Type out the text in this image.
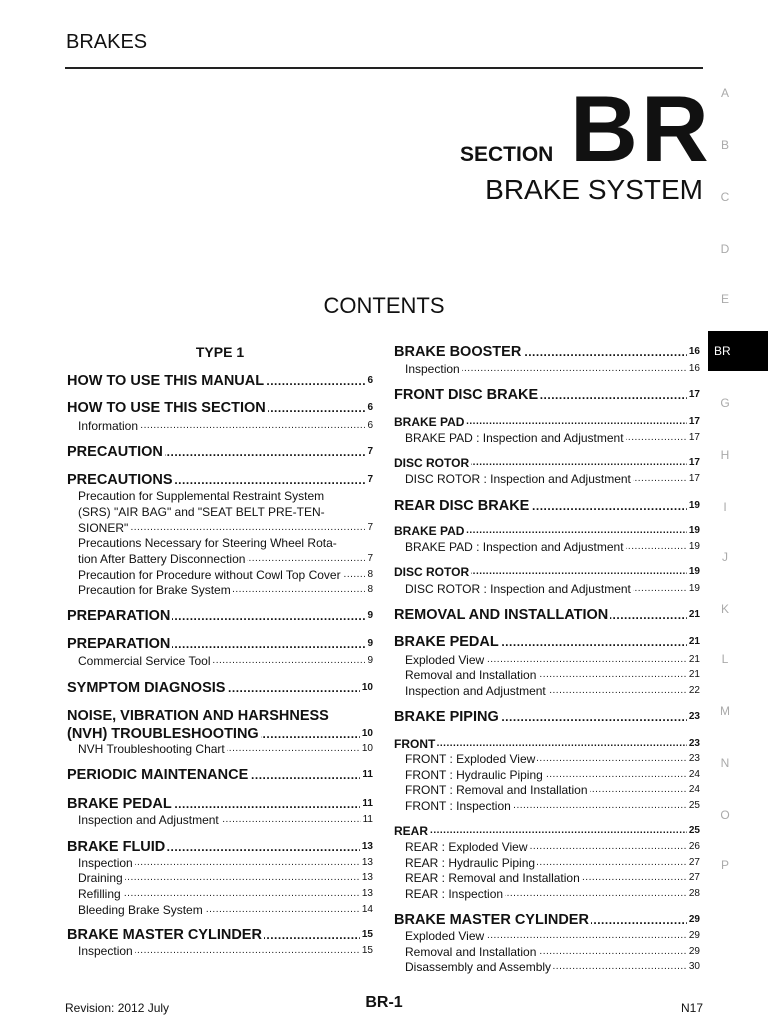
BRAKES
SECTION BR
BRAKE SYSTEM
CONTENTS
A
B
C
D
E
G
H
I
J
K
L
M
N
O
P
BR
TYPE 1
..... HOW TO USE THIS MANUAL	6
..... HOW TO USE THIS SECTION	6
..... Information	6
..... PRECAUTION	7
..... PRECAUTIONS	7
Precaution for Supplemental Restraint System
(SRS) "AIR BAG" and "SEAT BELT PRE-TEN-
..... SIONER"	7
Precautions Necessary for Steering Wheel Rota-
..... tion After Battery Disconnection	7
..... Precaution for Procedure without Cowl Top Cover	8
..... Precaution for Brake System	8
..... PREPARATION	9
..... PREPARATION	9
..... Commercial Service Tool	9
..... SYMPTOM DIAGNOSIS	10
NOISE, VIBRATION AND HARSHNESS
..... (NVH) TROUBLESHOOTING	10
..... NVH Troubleshooting Chart	10
..... PERIODIC MAINTENANCE	11
..... BRAKE PEDAL	11
..... Inspection and Adjustment	11
..... BRAKE FLUID	13
..... Inspection	13
..... Draining	13
..... Refilling	13
..... Bleeding Brake System	14
..... BRAKE MASTER CYLINDER	15
..... Inspection	15
..... BRAKE BOOSTER	16
..... Inspection	16
..... FRONT DISC BRAKE	17
..... BRAKE PAD	17
..... BRAKE PAD : Inspection and Adjustment	17
..... DISC ROTOR	17
..... DISC ROTOR : Inspection and Adjustment	17
..... REAR DISC BRAKE	19
..... BRAKE PAD	19
..... BRAKE PAD : Inspection and Adjustment	19
..... DISC ROTOR	19
..... DISC ROTOR : Inspection and Adjustment	19
..... REMOVAL AND INSTALLATION	21
..... BRAKE PEDAL	21
..... Exploded View	21
..... Removal and Installation	21
..... Inspection and Adjustment	22
..... BRAKE PIPING	23
..... FRONT	23
..... FRONT : Exploded View	23
..... FRONT : Hydraulic Piping	24
..... FRONT : Removal and Installation	24
..... FRONT : Inspection	25
..... REAR	25
..... REAR : Exploded View	26
..... REAR : Hydraulic Piping	27
..... REAR : Removal and Installation	27
..... REAR : Inspection	28
..... BRAKE MASTER CYLINDER	29
..... Exploded View	29
..... Removal and Installation	29
..... Disassembly and Assembly	30
Revision: 2012 July	BR-1	N17
